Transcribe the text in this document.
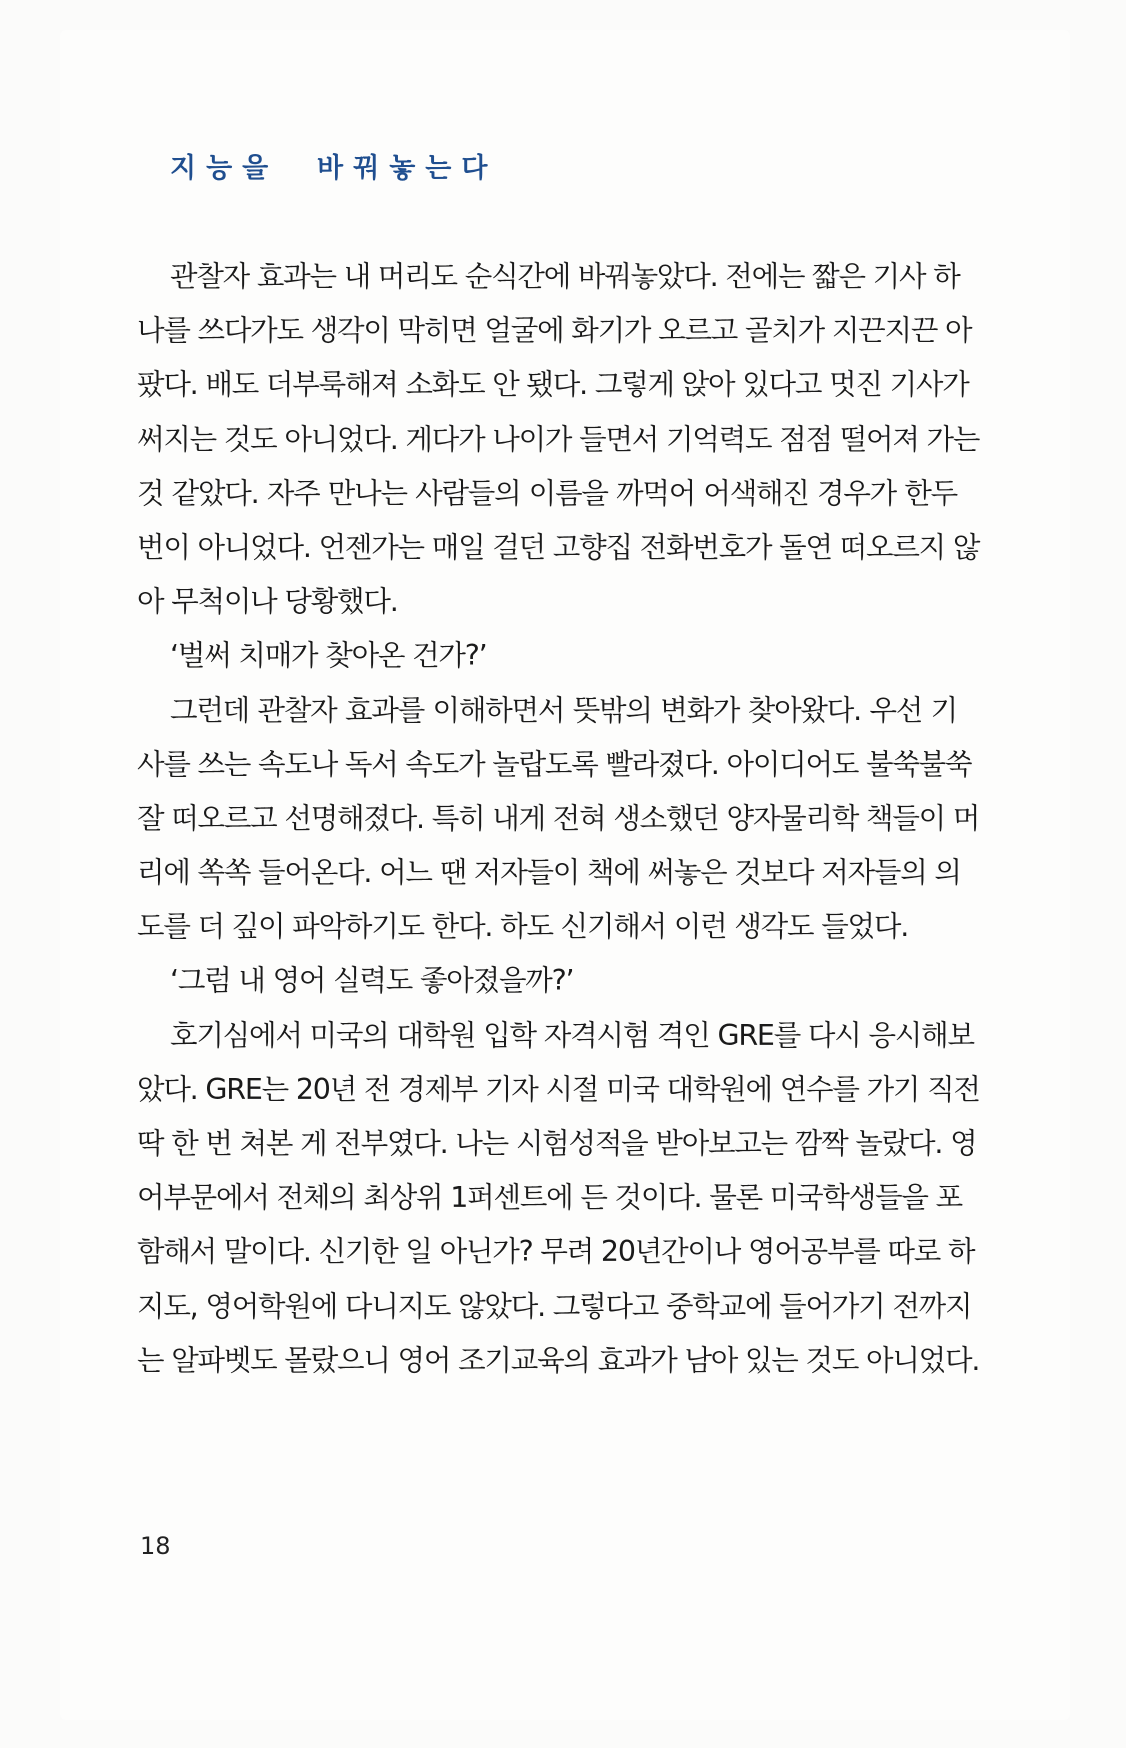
지능을  바꿔놓는다
관찰자 효과는 내 머리도 순식간에 바꿔놓았다. 전에는 짧은 기사 하
나를 쓰다가도 생각이 막히면 얼굴에 화기가 오르고 골치가 지끈지끈 아
팠다. 배도 더부룩해져 소화도 안 됐다. 그렇게 앉아 있다고 멋진 기사가
써지는 것도 아니었다. 게다가 나이가 들면서 기억력도 점점 떨어져 가는
것 같았다. 자주 만나는 사람들의 이름을 까먹어 어색해진 경우가 한두
번이 아니었다. 언젠가는 매일 걸던 고향집 전화번호가 돌연 떠오르지 않
아 무척이나 당황했다.
‘벌써 치매가 찾아온 건가?’
그런데 관찰자 효과를 이해하면서 뜻밖의 변화가 찾아왔다. 우선 기
사를 쓰는 속도나 독서 속도가 놀랍도록 빨라졌다. 아이디어도 불쑥불쑥
잘 떠오르고 선명해졌다. 특히 내게 전혀 생소했던 양자물리학 책들이 머
리에 쏙쏙 들어온다. 어느 땐 저자들이 책에 써놓은 것보다 저자들의 의
도를 더 깊이 파악하기도 한다. 하도 신기해서 이런 생각도 들었다.
‘그럼 내 영어 실력도 좋아졌을까?’
호기심에서 미국의 대학원 입학 자격시험 격인 GRE를 다시 응시해보
았다. GRE는 20년 전 경제부 기자 시절 미국 대학원에 연수를 가기 직전
딱 한 번 쳐본 게 전부였다. 나는 시험성적을 받아보고는 깜짝 놀랐다. 영
어부문에서 전체의 최상위 1퍼센트에 든 것이다. 물론 미국학생들을 포
함해서 말이다. 신기한 일 아닌가? 무려 20년간이나 영어공부를 따로 하
지도, 영어학원에 다니지도 않았다. 그렇다고 중학교에 들어가기 전까지
는 알파벳도 몰랐으니 영어 조기교육의 효과가 남아 있는 것도 아니었다.
18
